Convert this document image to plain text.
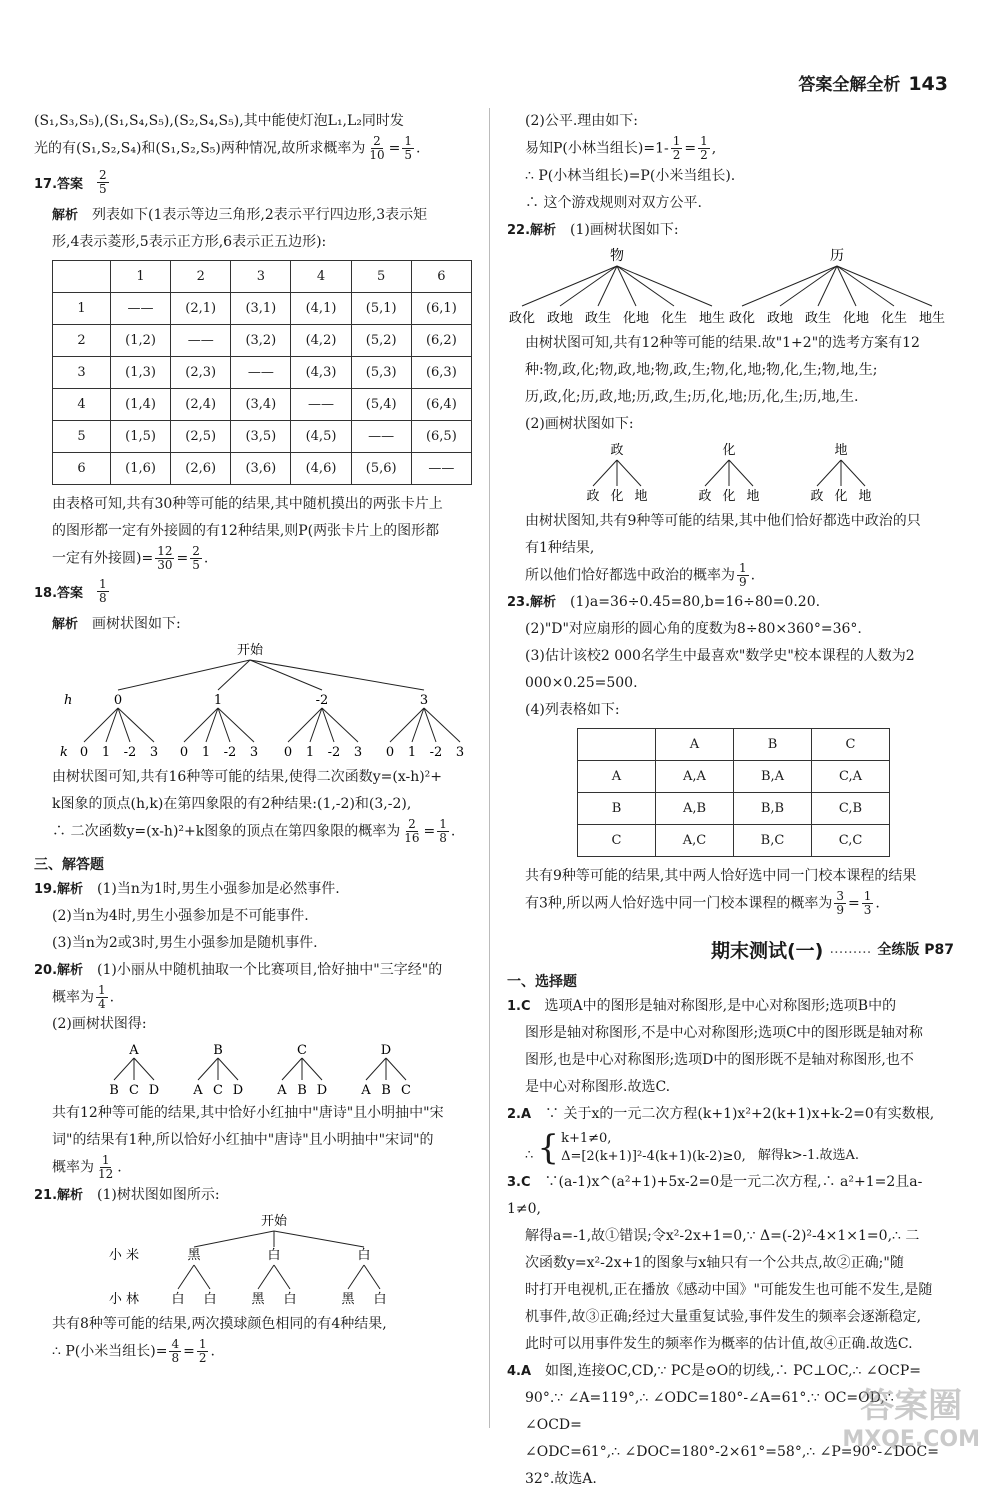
答案全解全析 143

(S₁,S₃,S₅),(S₁,S₄,S₅),(S₂,S₄,S₅),其中能使灯泡L₁,L₂同时发

光的有(S₁,S₂,S₄)和(S₁,S₂,S₅)两种情况,故所求概率为 $\frac{2}{10} = \frac{1}{5}$ .

17.答案 $\frac{2}{5}$

解析　 列表如下(1表示等边三角形,2表示平行四边形,3表示矩

形,4表示菱形,5表示正方形,6表示正五边形):

	1	2	3	4	5	6
1	——	(2,1)	(3,1)	(4,1)	(5,1)	(6,1)
2	(1,2)	——	(3,2)	(4,2)	(5,2)	(6,2)
3	(1,3)	(2,3)	——	(4,3)	(5,3)	(6,3)
4	(1,4)	(2,4)	(3,4)	——	(5,4)	(6,4)
5	(1,5)	(2,5)	(3,5)	(4,5)	——	(6,5)
6	(1,6)	(2,6)	(3,6)	(4,6)	(5,6)	——

由表格可知,共有30种等可能的结果,其中随机摸出的两张卡片上

的图形都一定有外接圆的有12种结果,则P(两张卡片上的图形都

一定有外接圆)= $\frac{12}{30} = \frac{2}{5}$ .

18.答案 $\frac{1}{8}$

解析　 画树状图如下:

开始
h
k
0
0 1 -2 3
1
0 1 -2 3
-2
0 1 -2 3
3
0 1 -2 3

由树状图可知,共有16种等可能的结果,使得二次函数y=(x-h)²+

k图象的顶点(h,k)在第四象限的有2种结果:(1,-2)和(3,-2),

∴ 二次函数y=(x-h)²+k图象的顶点在第四象限的概率为 $\frac{2}{16} = \frac{1}{8}$ .

三、解答题

19.解析　 (1)当n为1时,男生小强参加是必然事件.

(2)当n为4时,男生小强参加是不可能事件.

(3)当n为2或3时,男生小强参加是随机事件.

20.解析　 (1)小丽从中随机抽取一个比赛项目,恰好抽中"三字经"的

概率为 $\frac{1}{4}$ .

(2)画树状图得:

A
B C D
B
A C D
C
A B D
D
A B C

共有12种等可能的结果,其中恰好小红抽中"唐诗"且小明抽中"宋

词"的结果有1种,所以恰好小红抽中"唐诗"且小明抽中"宋词"的

概率为 $\frac{1}{12}$ .

21.解析　 (1)树状图如图所示:

开始
小 米
小 林
黑
白 白
白
黑 白
白
黑 白

共有8种等可能的结果,两次摸球颜色相同的有4种结果,

∴ P(小米当组长)= $\frac{4}{8} = \frac{1}{2}$ .

(2)公平.理由如下:

易知P(小林当组长)$=1- \frac{1}{2} = \frac{1}{2}$ ,

∴ P(小林当组长)=P(小米当组长).

∴ 这个游戏规则对双方公平.

22.解析　 (1)画树状图如下:

物
政化 政地 政生 化地 化生 地生
历
政化 政地 政生 化地 化生 地生

由树状图可知,共有12种等可能的结果.故"1+2"的选考方案有12

种:物,政,化;物,政,地;物,政,生;物,化,地;物,化,生;物,地,生;

历,政,化;历,政,地;历,政,生;历,化,地;历,化,生;历,地,生.

(2)画树状图如下:

政
政 化 地
化
政 化 地
地
政 化 地

由树状图知,共有9种等可能的结果,其中他们恰好都选中政治的只

有1种结果,

所以他们恰好都选中政治的概率为 $\frac{1}{9}$ .

23.解析　 (1)a=36÷0.45=80,b=16÷80=0.20.

(2)"D"对应扇形的圆心角的度数为8÷80×360°=36°.

(3)估计该校2 000名学生中最喜欢"数学史"校本课程的人数为2

000×0.25=500.

(4)列表格如下:

	A	B	C
A	A,A	B,A	C,A
B	A,B	B,B	C,B
C	A,C	B,C	C,C

共有9种等可能的结果,其中两人恰好选中同一门校本课程的结果

有3种,所以两人恰好选中同一门校本课程的概率为 $\frac{3}{9} = \frac{1}{3}$ .

期末测试(一) ……… 全练版 P87
一、选择题

1.C　 选项A中的图形是轴对称图形,是中心对称图形;选项B中的

图形是轴对称图形,不是中心对称图形;选项C中的图形既是轴对称

图形,也是中心对称图形;选项D中的图形既不是轴对称图形,也不

是中心对称图形.故选C.

2.A　 ∵ 关于x的一元二次方程(k+1)x²+2(k+1)x+k-2=0有实数根,

∴ { k+1≠0,
Δ=[2(k+1)]²-4(k+1)(k-2)≥0, 解得k>-1.故选A.

3.C　 ∵(a-1)x^(a²+1)+5x-2=0是一元二次方程,∴ a²+1=2且a-1≠0,

解得a=-1,故①错误;令x²-2x+1=0,∵ Δ=(-2)²-4×1×1=0,∴ 二

次函数y=x²-2x+1的图象与x轴只有一个公共点,故②正确;"随

时打开电视机,正在播放《感动中国》"可能发生也可能不发生,是随

机事件,故③正确;经过大量重复试验,事件发生的频率会逐渐稳定,

此时可以用事件发生的频率作为概率的估计值,故④正确.故选C.

4.A　 如图,连接OC,CD,∵ PC是⊙O的切线,∴ PC⊥OC,∴ ∠OCP=

90°.∵ ∠A=119°,∴ ∠ODC=180°-∠A=61°.∵ OC=OD,∴ ∠OCD=

∠ODC=61°,∴ ∠DOC=180°-2×61°=58°,∴ ∠P=90°-∠DOC=

32°.故选A.

答案圈
MXQE.COM
